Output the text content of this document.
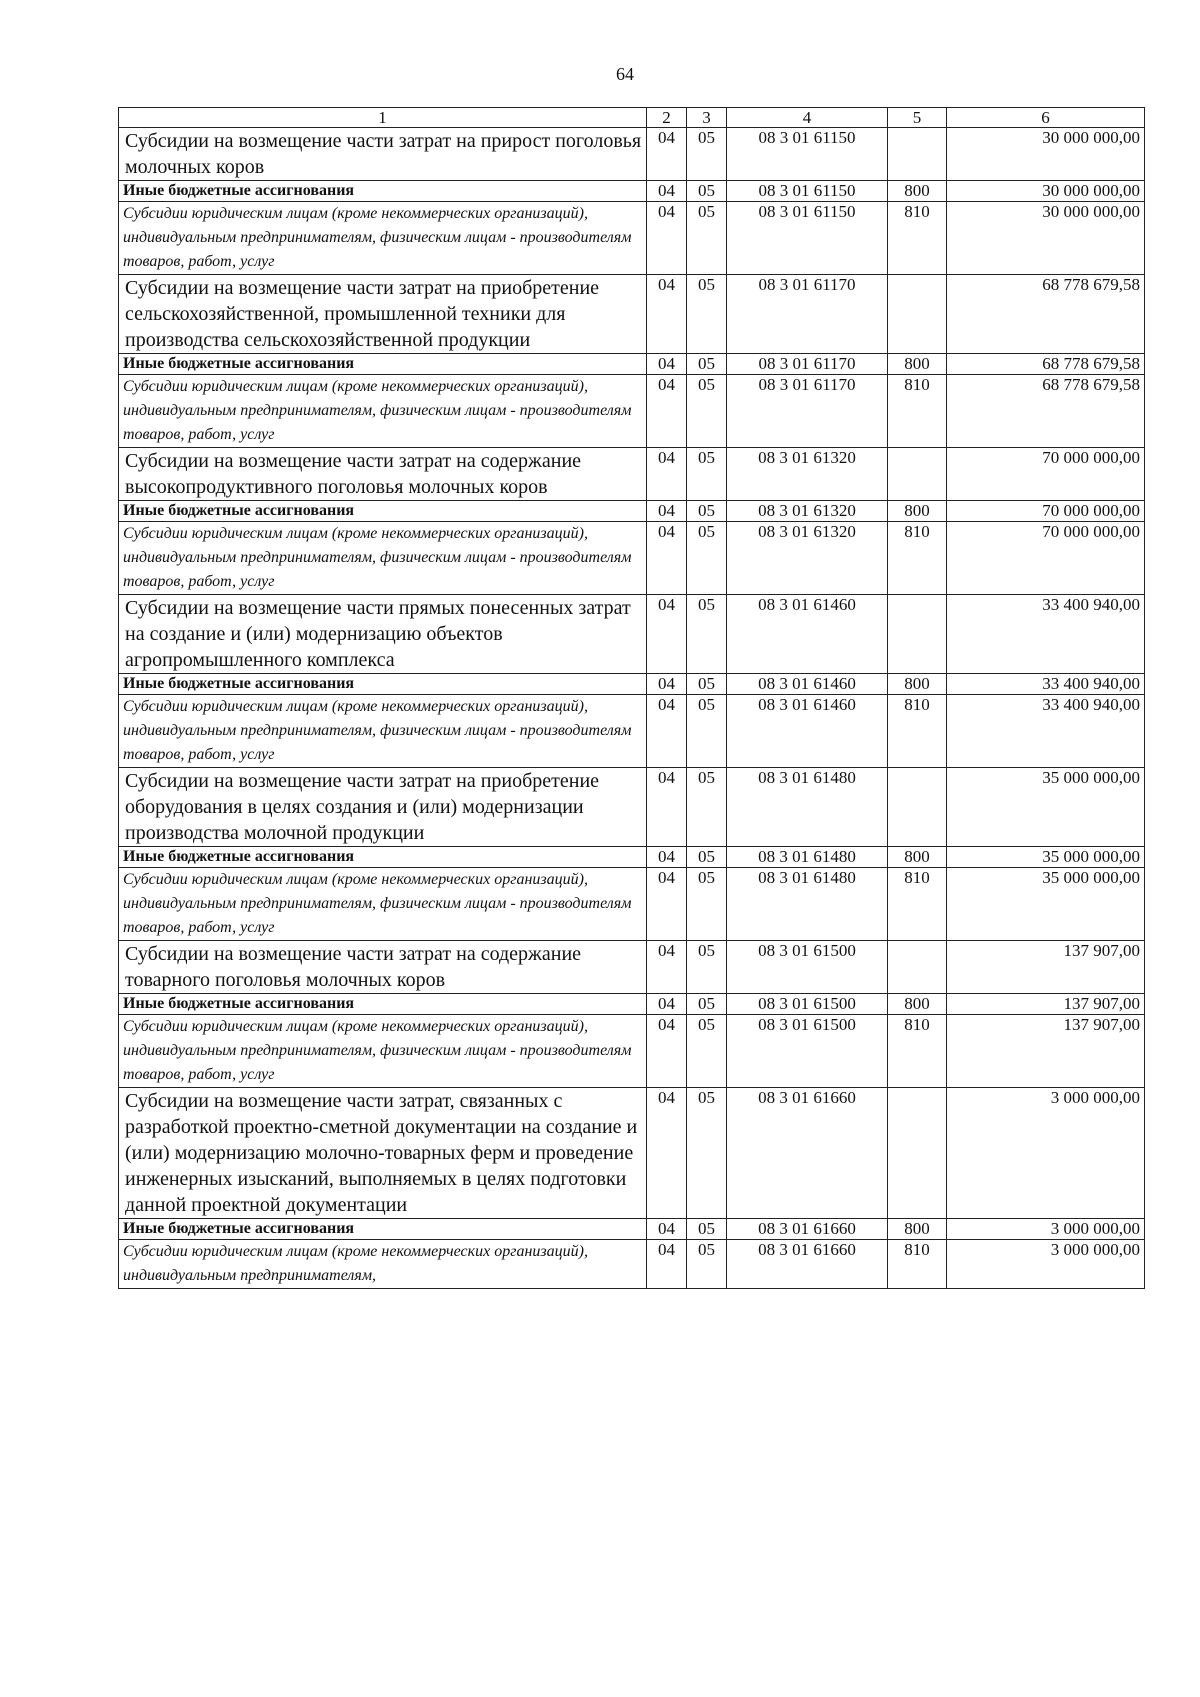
64
1	2	3	4	5	6
Субсидии на возмещение части затрат на прирост поголовья молочных коров	04	05	08 3 01 61150		30 000 000,00
Иные бюджетные ассигнования	04	05	08 3 01 61150	800	30 000 000,00
Субсидии юридическим лицам (кроме некоммерческих организаций), индивидуальным предпринимателям, физическим лицам - производителям товаров, работ, услуг	04	05	08 3 01 61150	810	30 000 000,00
Субсидии на возмещение части затрат на приобретение сельскохозяйственной, промышленной техники для производства сельскохозяйственной продукции	04	05	08 3 01 61170		68 778 679,58
Иные бюджетные ассигнования	04	05	08 3 01 61170	800	68 778 679,58
Субсидии юридическим лицам (кроме некоммерческих организаций), индивидуальным предпринимателям, физическим лицам - производителям товаров, работ, услуг	04	05	08 3 01 61170	810	68 778 679,58
Субсидии на возмещение части затрат на содержание высокопродуктивного поголовья молочных коров	04	05	08 3 01 61320		70 000 000,00
Иные бюджетные ассигнования	04	05	08 3 01 61320	800	70 000 000,00
Субсидии юридическим лицам (кроме некоммерческих организаций), индивидуальным предпринимателям, физическим лицам - производителям товаров, работ, услуг	04	05	08 3 01 61320	810	70 000 000,00
Субсидии на возмещение части прямых понесенных затрат на создание и (или) модернизацию объектов агропромышленного комплекса	04	05	08 3 01 61460		33 400 940,00
Иные бюджетные ассигнования	04	05	08 3 01 61460	800	33 400 940,00
Субсидии юридическим лицам (кроме некоммерческих организаций), индивидуальным предпринимателям, физическим лицам - производителям товаров, работ, услуг	04	05	08 3 01 61460	810	33 400 940,00
Субсидии на возмещение части затрат на приобретение оборудования в целях создания и (или) модернизации производства молочной продукции	04	05	08 3 01 61480		35 000 000,00
Иные бюджетные ассигнования	04	05	08 3 01 61480	800	35 000 000,00
Субсидии юридическим лицам (кроме некоммерческих организаций), индивидуальным предпринимателям, физическим лицам - производителям товаров, работ, услуг	04	05	08 3 01 61480	810	35 000 000,00
Субсидии на возмещение части затрат на содержание товарного поголовья молочных коров	04	05	08 3 01 61500		137 907,00
Иные бюджетные ассигнования	04	05	08 3 01 61500	800	137 907,00
Субсидии юридическим лицам (кроме некоммерческих организаций), индивидуальным предпринимателям, физическим лицам - производителям товаров, работ, услуг	04	05	08 3 01 61500	810	137 907,00
Субсидии на возмещение части затрат, связанных с разработкой проектно-сметной документации на создание и (или) модернизацию молочно-товарных ферм и проведение инженерных изысканий, выполняемых в целях подготовки данной проектной документации	04	05	08 3 01 61660		3 000 000,00
Иные бюджетные ассигнования	04	05	08 3 01 61660	800	3 000 000,00
Субсидии юридическим лицам (кроме некоммерческих организаций), индивидуальным предпринимателям,	04	05	08 3 01 61660	810	3 000 000,00
